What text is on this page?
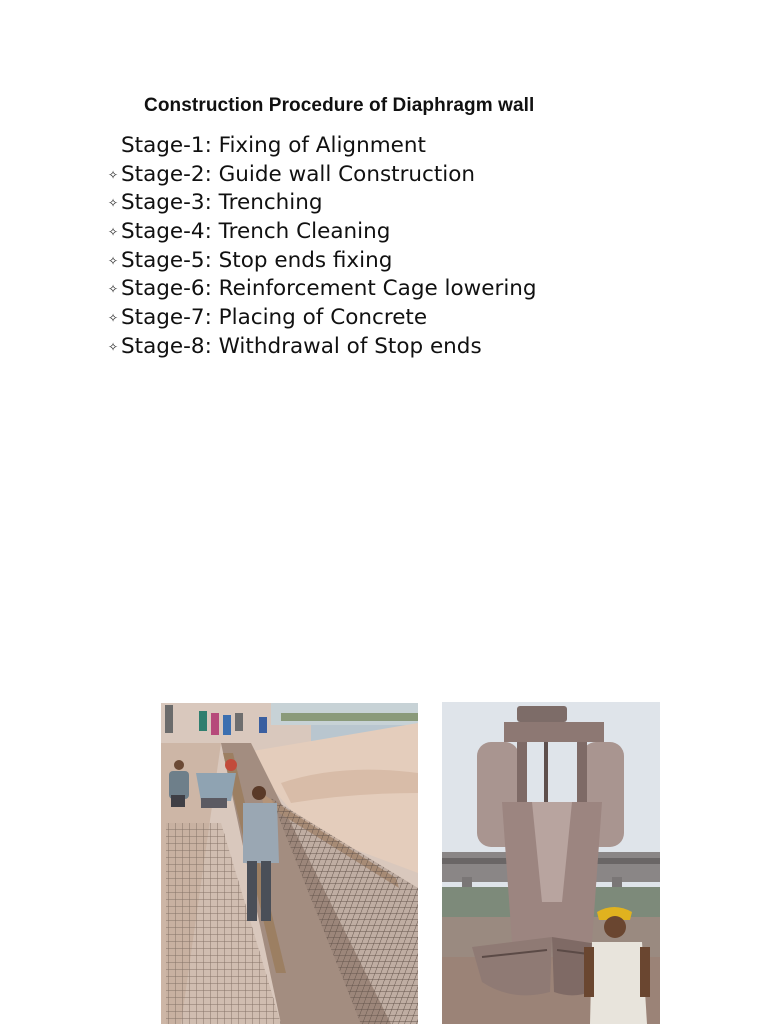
Construction Procedure of Diaphragm wall
Stage-1: Fixing of Alignment
✧ Stage-2: Guide wall Construction
✧ Stage-3: Trenching
✧ Stage-4: Trench Cleaning
✧ Stage-5: Stop ends fixing
✧ Stage-6: Reinforcement Cage lowering
✧ Stage-7: Placing of Concrete
✧ Stage-8: Withdrawal of Stop ends
